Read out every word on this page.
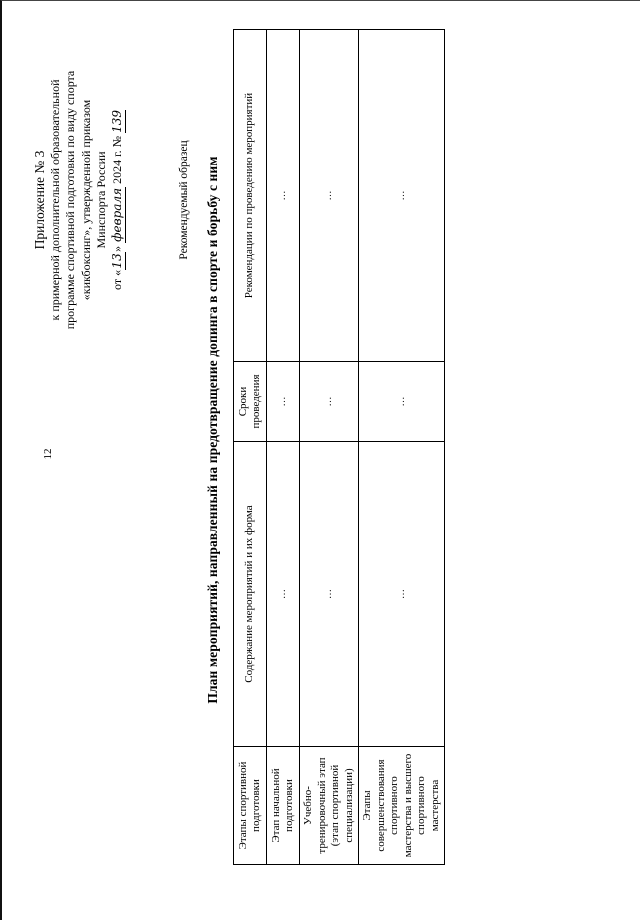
12
Приложение № 3 к примерной дополнительной образовательной программе спортивной подготовки по виду спорта «кикбоксинг», утвержденной приказом Минспорта России
от «13» февраля 2024 г. № 139
Рекомендуемый образец План мероприятий, направленный на предотвращение допинга в спорте и борьбу с ним
Этапы спортивной подготовки	Содержание мероприятий и их форма	Сроки проведения	Рекомендации по проведению мероприятий
Этап начальной подготовки	…	…	…
Учебно-тренировочный этап (этап спортивной специализации)	…	…	…
Этапы совершенствования спортивного мастерства и высшего спортивного мастерства	…	…	…
